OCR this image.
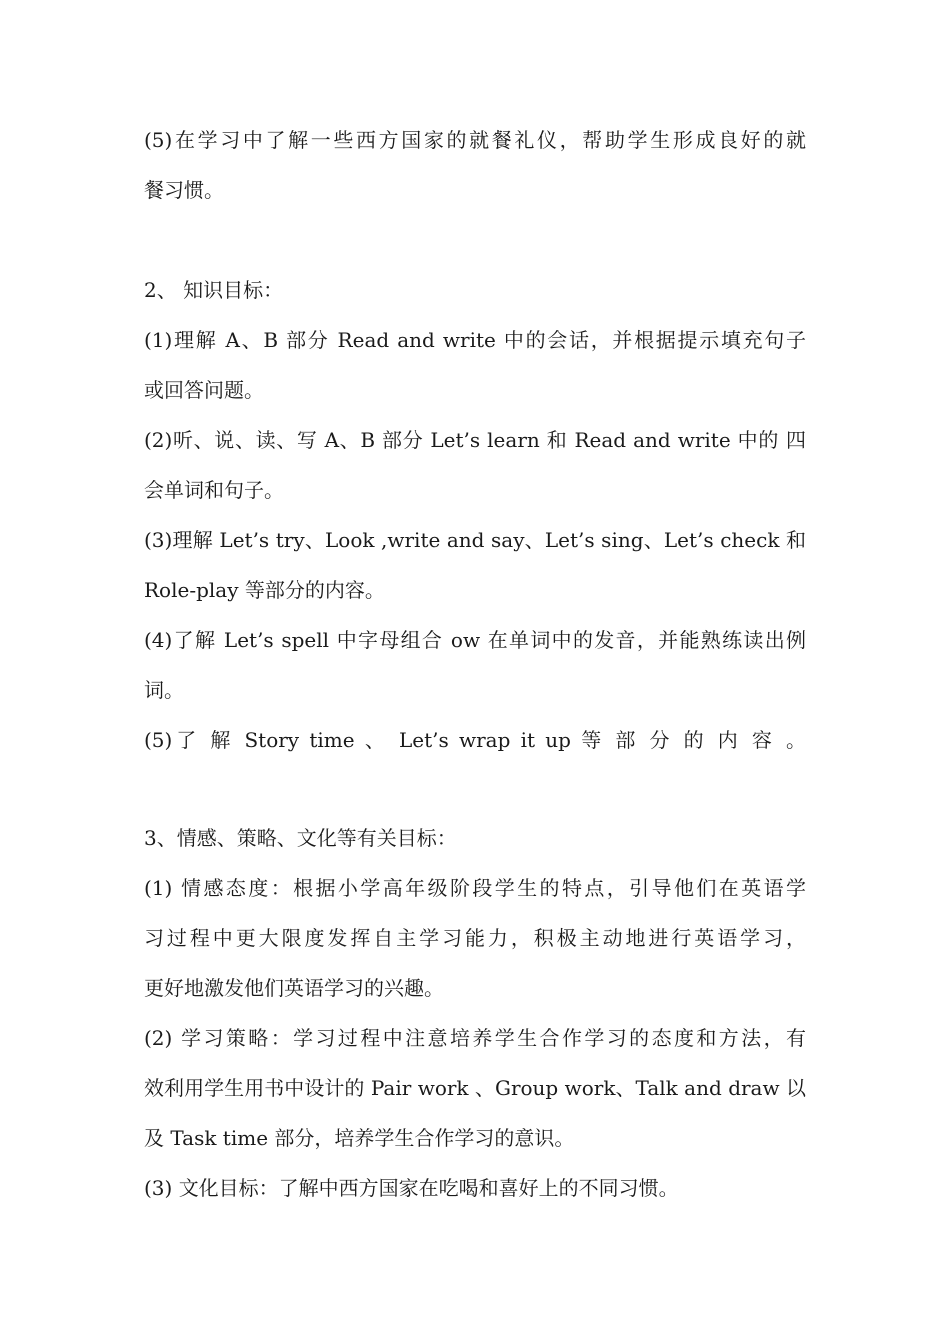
(5)在学习中了解一些西方国家的就餐礼仪，帮助学生形成良好的就
餐习惯。
2、 知识目标：
(1)理解 A、B 部分 Read and write 中的会话，并根据提示填充句子
或回答问题。
(2)听、说、读、写 A、B 部分 Let’s learn 和 Read and write 中的 四
会单词和句子。
(3)理解 Let’s try、Look ,write and say、Let’s sing、Let’s check 和
Role-play 等部分的内容。
(4)了解 Let’s spell 中字母组合 ow 在单词中的发音，并能熟练读出例
词。
(5)了 解 Story time 、 Let’s wrap it up 等 部 分 的 内 容 。
3、情感、策略、文化等有关目标：
(1) 情感态度：根据小学高年级阶段学生的特点，引导他们在英语学
习过程中更大限度发挥自主学习能力，积极主动地进行英语学习，
更好地激发他们英语学习的兴趣。
(2) 学习策略：学习过程中注意培养学生合作学习的态度和方法，有
效利用学生用书中设计的 Pair work 、Group work、Talk and draw 以
及 Task time 部分，培养学生合作学习的意识。
(3) 文化目标：了解中西方国家在吃喝和喜好上的不同习惯。
